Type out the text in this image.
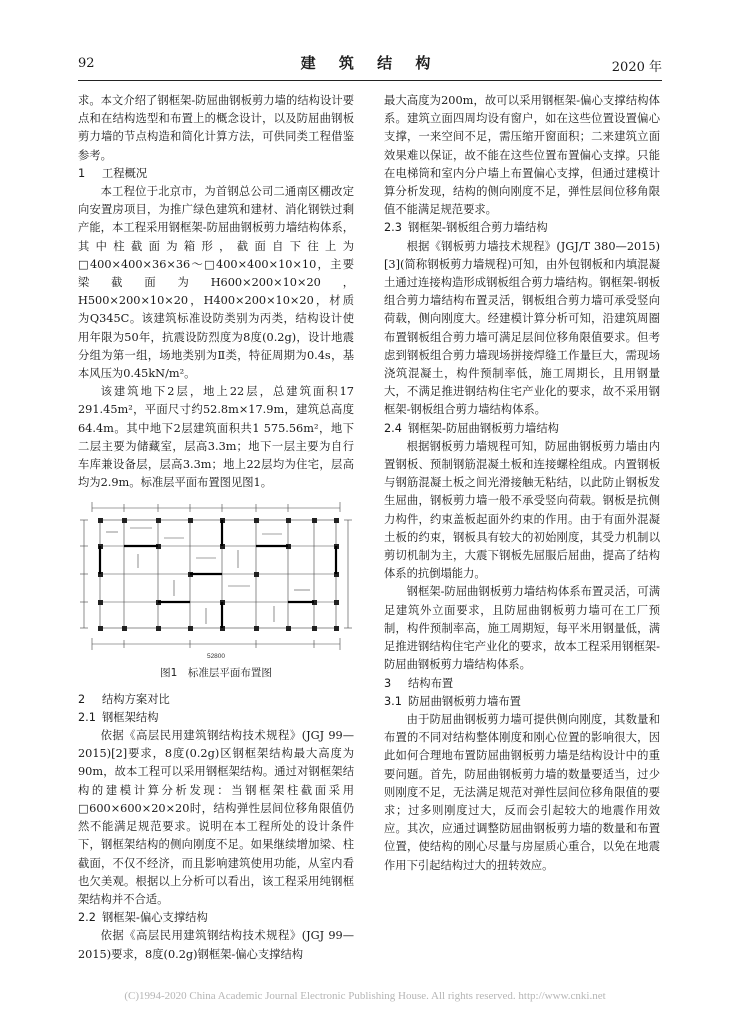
92	建 筑 结 构	2020 年

求。本文介绍了钢框架-防屈曲钢板剪力墙的结构设计要点和在结构选型和布置上的概念设计，以及防屈曲钢板剪力墙的节点构造和简化计算方法，可供同类工程借鉴参考。

1 工程概况

本工程位于北京市，为首钢总公司二通南区棚改定向安置房项目，为推广绿色建筑和建材、消化钢铁过剩产能，本工程采用钢框架-防屈曲钢板剪力墙结构体系，其中柱截面为箱形，截面自下往上为□400×400×36×36～□400×400×10×10，主要梁截面为H600×200×10×20，H500×200×10×20，H400×200×10×20，材质为Q345C。该建筑标准设防类别为丙类，结构设计使用年限为50年，抗震设防烈度为8度(0.2g)，设计地震分组为第一组，场地类别为Ⅱ类，特征周期为0.4s，基本风压为0.45kN/m²。

该建筑地下2层，地上22层，总建筑面积17 291.45m²，平面尺寸约52.8m×17.9m，建筑总高度64.4m。其中地下2层建筑面积共1 575.56m²，地下二层主要为储藏室，层高3.3m；地下一层主要为自行车库兼设备层，层高3.3m；地上22层均为住宅，层高均为2.9m。标准层平面布置图见图1。

52800

图1　标准层平面布置图

2 结构方案对比

2.1 钢框架结构

依据《高层民用建筑钢结构技术规程》(JGJ 99—2015)[2]要求，8度(0.2g)区钢框架结构最大高度为90m，故本工程可以采用钢框架结构。通过对钢框架结构的建模计算分析发现：当钢框架柱截面采用□600×600×20×20时，结构弹性层间位移角限值仍然不能满足规范要求。说明在本工程所处的设计条件下，钢框架结构的侧向刚度不足。如果继续增加梁、柱截面，不仅不经济，而且影响建筑使用功能，从室内看也欠美观。根据以上分析可以看出，该工程采用纯钢框架结构并不合适。

2.2 钢框架-偏心支撑结构

依据《高层民用建筑钢结构技术规程》(JGJ 99—2015)要求，8度(0.2g)钢框架-偏心支撑结构

最大高度为200m，故可以采用钢框架-偏心支撑结构体系。建筑立面四周均设有窗户，如在这些位置设置偏心支撑，一来空间不足，需压缩开窗面积；二来建筑立面效果难以保证，故不能在这些位置布置偏心支撑。只能在电梯筒和室内分户墙上布置偏心支撑，但通过建模计算分析发现，结构的侧向刚度不足，弹性层间位移角限值不能满足规范要求。

2.3 钢框架-钢板组合剪力墙结构

根据《钢板剪力墙技术规程》(JGJ/T 380—2015)[3](简称钢板剪力墙规程)可知，由外包钢板和内填混凝土通过连接构造形成钢板组合剪力墙结构。钢框架-钢板组合剪力墙结构布置灵活，钢板组合剪力墙可承受竖向荷载，侧向刚度大。经建模计算分析可知，沿建筑周圈布置钢板组合剪力墙可满足层间位移角限值要求。但考虑到钢板组合剪力墙现场拼接焊缝工作量巨大，需现场浇筑混凝土，构件预制率低，施工周期长，且用钢量大，不满足推进钢结构住宅产业化的要求，故不采用钢框架-钢板组合剪力墙结构体系。

2.4 钢框架-防屈曲钢板剪力墙结构

根据钢板剪力墙规程可知，防屈曲钢板剪力墙由内置钢板、预制钢筋混凝土板和连接螺栓组成。内置钢板与钢筋混凝土板之间光滑接触无粘结，以此防止钢板发生屈曲，钢板剪力墙一般不承受竖向荷载。钢板是抗侧力构件，约束盖板起面外约束的作用。由于有面外混凝土板的约束，钢板具有较大的初始刚度，其受力机制以剪切机制为主，大震下钢板先屈服后屈曲，提高了结构体系的抗倒塌能力。

钢框架-防屈曲钢板剪力墙结构体系布置灵活，可满足建筑外立面要求，且防屈曲钢板剪力墙可在工厂预制，构件预制率高，施工周期短，每平米用钢量低，满足推进钢结构住宅产业化的要求，故本工程采用钢框架-防屈曲钢板剪力墙结构体系。

3 结构布置

3.1 防屈曲钢板剪力墙布置

由于防屈曲钢板剪力墙可提供侧向刚度，其数量和布置的不同对结构整体刚度和刚心位置的影响很大，因此如何合理地布置防屈曲钢板剪力墙是结构设计中的重要问题。首先，防屈曲钢板剪力墙的数量要适当，过少则刚度不足，无法满足规范对弹性层间位移角限值的要求；过多则刚度过大，反而会引起较大的地震作用效应。其次，应通过调整防屈曲钢板剪力墙的数量和布置位置，使结构的刚心尽量与房屋质心重合，以免在地震作用下引起结构过大的扭转效应。

(C)1994-2020 China Academic Journal Electronic Publishing House. All rights reserved. http://www.cnki.net
